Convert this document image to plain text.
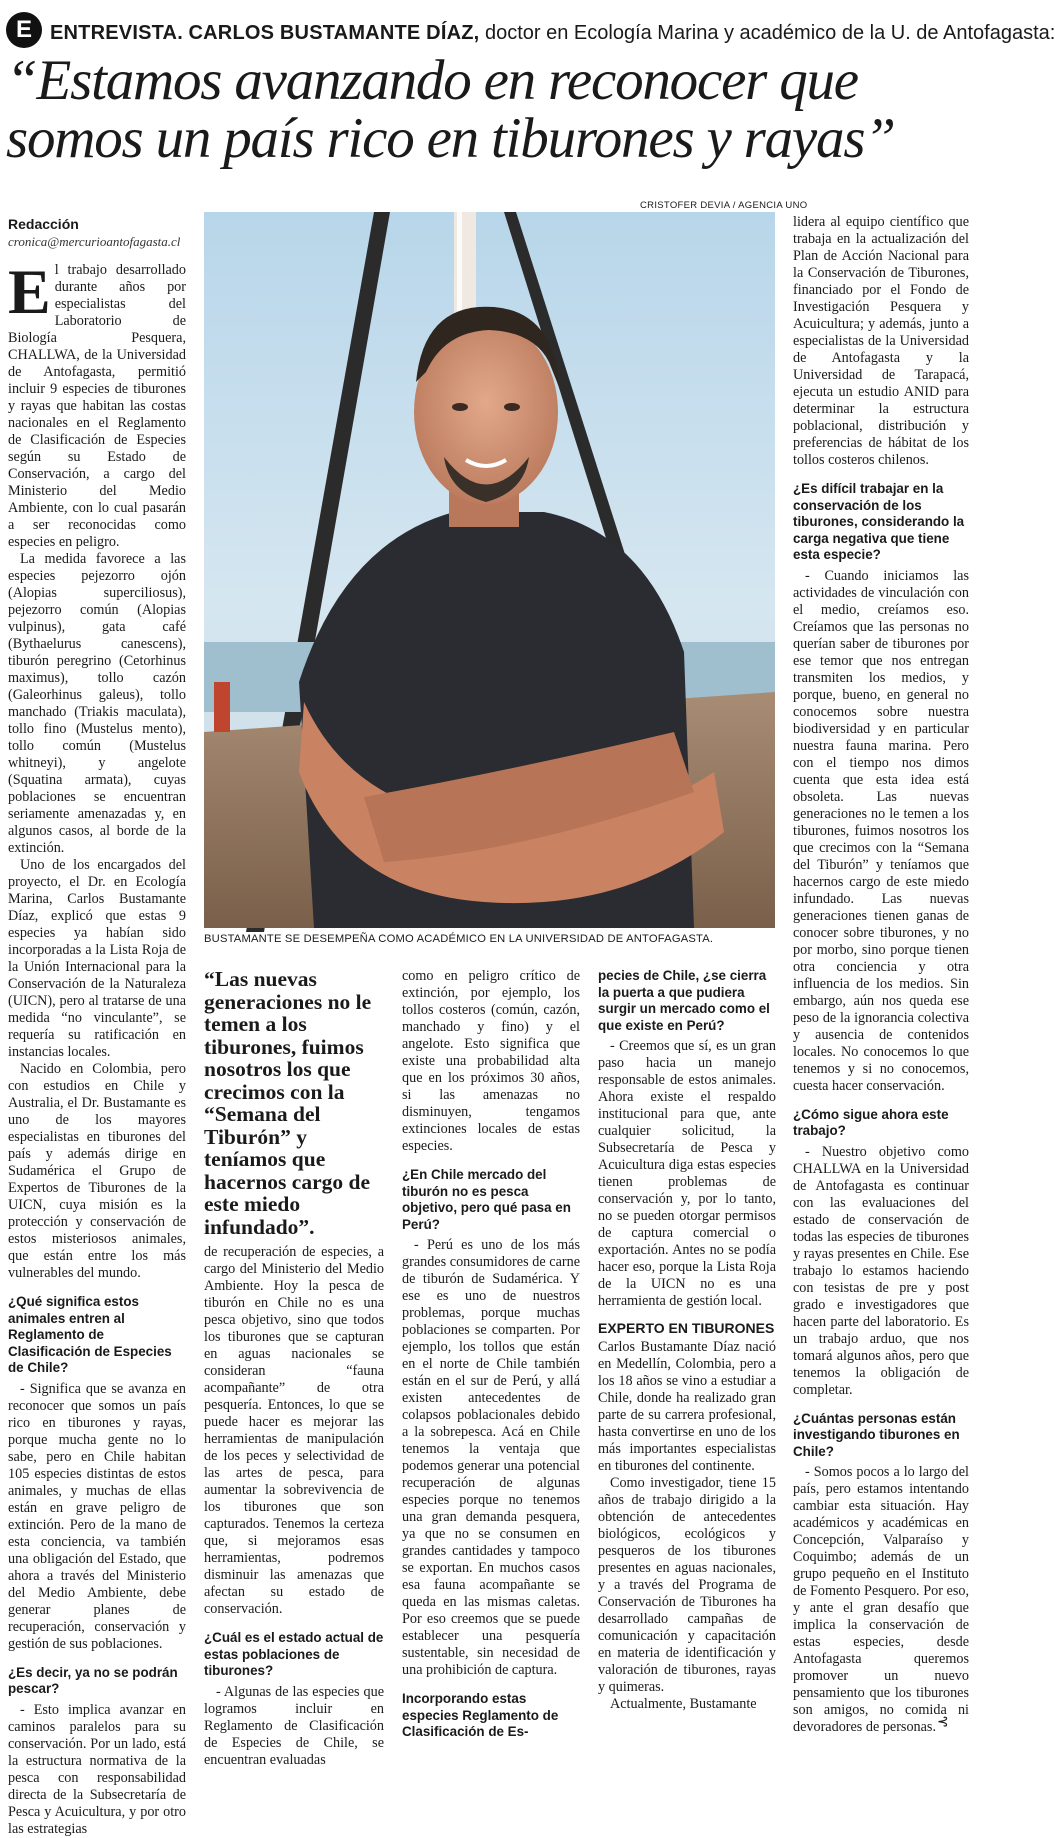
E ENTREVISTA. CARLOS BUSTAMANTE DÍAZ, doctor en Ecología Marina y académico de la U. de Antofagasta:
“Estamos avanzando en reconocer que somos un país rico en tiburones y rayas”
Redacción
cronica@mercurioantofagasta.cl
CRISTOFER DEVIA / AGENCIA UNO
BUSTAMANTE SE DESEMPEÑA COMO ACADÉMICO EN LA UNIVERSIDAD DE ANTOFAGASTA.
“Las nuevas generaciones no le temen a los tiburones, fuimos nosotros los que crecimos con la “Semana del Tiburón” y teníamos que hacernos cargo de este miedo infundado”.

El trabajo desarrollado durante años por especialistas del Laboratorio de Biología Pesquera, CHALLWA, de la Universidad de Antofagasta, permitió incluir 9 especies de tiburones y rayas que habitan las costas nacionales en el Reglamento de Clasificación de Especies según su Estado de Conservación, a cargo del Ministerio del Medio Ambiente, con lo cual pasarán a ser reconocidas como especies en peligro.

La medida favorece a las especies pejezorro ojón (Alopias superciliosus), pejezorro común (Alopias vulpinus), gata café (Bythaelurus canescens), tiburón peregrino (Cetorhinus maximus), tollo cazón (Galeorhinus galeus), tollo manchado (Triakis maculata), tollo fino (Mustelus mento), tollo común (Mustelus whitneyi), y angelote (Squatina armata), cuyas poblaciones se encuentran seriamente amenazadas y, en algunos casos, al borde de la extinción.

Uno de los encargados del proyecto, el Dr. en Ecología Marina, Carlos Bustamante Díaz, explicó que estas 9 especies ya habían sido incorporadas a la Lista Roja de la Unión Internacional para la Conservación de la Naturaleza (UICN), pero al tratarse de una medida “no vinculante”, se requería su ratificación en instancias locales.

Nacido en Colombia, pero con estudios en Chile y Australia, el Dr. Bustamante es uno de los mayores especialistas en tiburones del país y además dirige en Sudamérica el Grupo de Expertos de Tiburones de la UICN, cuya misión es la protección y conservación de estos misteriosos animales, que están entre los más vulnerables del mundo.

¿Qué significa estos animales entren al Reglamento de Clasificación de Especies de Chile?

- Significa que se avanza en reconocer que somos un país rico en tiburones y rayas, porque mucha gente no lo sabe, pero en Chile habitan 105 especies distintas de estos animales, y muchas de ellas están en grave peligro de extinción. Pero de la mano de esta conciencia, va también una obligación del Estado, que ahora a través del Ministerio del Medio Ambiente, debe generar planes de recuperación, conservación y gestión de sus poblaciones.

¿Es decir, ya no se podrán pescar?

- Esto implica avanzar en caminos paralelos para su conservación. Por un lado, está la estructura normativa de la pesca con responsabilidad directa de la Subsecretaría de Pesca y Acuicultura, y por otro las estrategias

de recuperación de especies, a cargo del Ministerio del Medio Ambiente. Hoy la pesca de tiburón en Chile no es una pesca objetivo, sino que todos los tiburones que se capturan en aguas nacionales se consideran “fauna acompañante” de otra pesquería. Entonces, lo que se puede hacer es mejorar las herramientas de manipulación de los peces y selectividad de las artes de pesca, para aumentar la sobrevivencia de los tiburones que son capturados. Tenemos la certeza que, si mejoramos esas herramientas, podremos disminuir las amenazas que afectan su estado de conservación.

¿Cuál es el estado actual de estas poblaciones de tiburones?

- Algunas de las especies que logramos incluir en Reglamento de Clasificación de Especies de Chile, se encuentran evaluadas

como en peligro crítico de extinción, por ejemplo, los tollos costeros (común, cazón, manchado y fino) y el angelote. Esto significa que existe una probabilidad alta que en los próximos 30 años, si las amenazas no disminuyen, tengamos extinciones locales de estas especies.

¿En Chile mercado del tiburón no es pesca objetivo, pero qué pasa en Perú?

- Perú es uno de los más grandes consumidores de carne de tiburón de Sudamérica. Y ese es uno de nuestros problemas, porque muchas poblaciones se comparten. Por ejemplo, los tollos que están en el norte de Chile también están en el sur de Perú, y allá existen antecedentes de colapsos poblacionales debido a la sobrepesca. Acá en Chile tenemos la ventaja que podemos generar una potencial recuperación de algunas especies porque no tenemos una gran demanda pesquera, ya que no se consumen en grandes cantidades y tampoco se exportan. En muchos casos esa fauna acompañante se queda en las mismas caletas. Por eso creemos que se puede establecer una pesquería sustentable, sin necesidad de una prohibición de captura.

Incorporando estas especies Reglamento de Clasificación de Es-
pecies de Chile, ¿se cierra la puerta a que pudiera surgir un mercado como el que existe en Perú?

- Creemos que sí, es un gran paso hacia un manejo responsable de estos animales. Ahora existe el respaldo institucional para que, ante cualquier solicitud, la Subsecretaría de Pesca y Acuicultura diga estas especies tienen problemas de conservación y, por lo tanto, no se pueden otorgar permisos de captura comercial o exportación. Antes no se podía hacer eso, porque la Lista Roja de la UICN no es una herramienta de gestión local.

EXPERTO EN TIBURONES

Carlos Bustamante Díaz nació en Medellín, Colombia, pero a los 18 años se vino a estudiar a Chile, donde ha realizado gran parte de su carrera profesional, hasta convertirse en uno de los más importantes especialistas en tiburones del continente.

Como investigador, tiene 15 años de trabajo dirigido a la obtención de antecedentes biológicos, ecológicos y pesqueros de los tiburones presentes en aguas nacionales, y a través del Programa de Conservación de Tiburones ha desarrollado campañas de comunicación y capacitación en materia de identificación y valoración de tiburones, rayas y quimeras.

Actualmente, Bustamante

lidera al equipo científico que trabaja en la actualización del Plan de Acción Nacional para la Conservación de Tiburones, financiado por el Fondo de Investigación Pesquera y Acuicultura; y además, junto a especialistas de la Universidad de Antofagasta y la Universidad de Tarapacá, ejecuta un estudio ANID para determinar la estructura poblacional, distribución y preferencias de hábitat de los tollos costeros chilenos.

¿Es difícil trabajar en la conservación de los tiburones, considerando la carga negativa que tiene esta especie?

- Cuando iniciamos las actividades de vinculación con el medio, creíamos eso. Creíamos que las personas no querían saber de tiburones por ese temor que nos entregan transmiten los medios, y porque, bueno, en general no conocemos sobre nuestra biodiversidad y en particular nuestra fauna marina. Pero con el tiempo nos dimos cuenta que esta idea está obsoleta. Las nuevas generaciones no le temen a los tiburones, fuimos nosotros los que crecimos con la “Semana del Tiburón” y teníamos que hacernos cargo de este miedo infundado. Las nuevas generaciones tienen ganas de conocer sobre tiburones, y no por morbo, sino porque tienen otra conciencia y otra influencia de los medios. Sin embargo, aún nos queda ese peso de la ignorancia colectiva y ausencia de contenidos locales. No conocemos lo que tenemos y si no conocemos, cuesta hacer conservación.

¿Cómo sigue ahora este trabajo?

- Nuestro objetivo como CHALLWA en la Universidad de Antofagasta es continuar con las evaluaciones del estado de conservación de todas las especies de tiburones y rayas presentes en Chile. Ese trabajo lo estamos haciendo con tesistas de pre y post grado e investigadores que hacen parte del laboratorio. Es un trabajo arduo, que nos tomará algunos años, pero que tenemos la obligación de completar.

¿Cuántas personas están investigando tiburones en Chile?

- Somos pocos a lo largo del país, pero estamos intentando cambiar esta situación. Hay académicos y académicas en Concepción, Valparaíso y Coquimbo; además de un grupo pequeño en el Instituto de Fomento Pesquero. Por eso, y ante el gran desafío que implica la conservación de estas especies, desde Antofagasta queremos promover un nuevo pensamiento que los tiburones son amigos, no comida ni devoradores de personas. ⊰
